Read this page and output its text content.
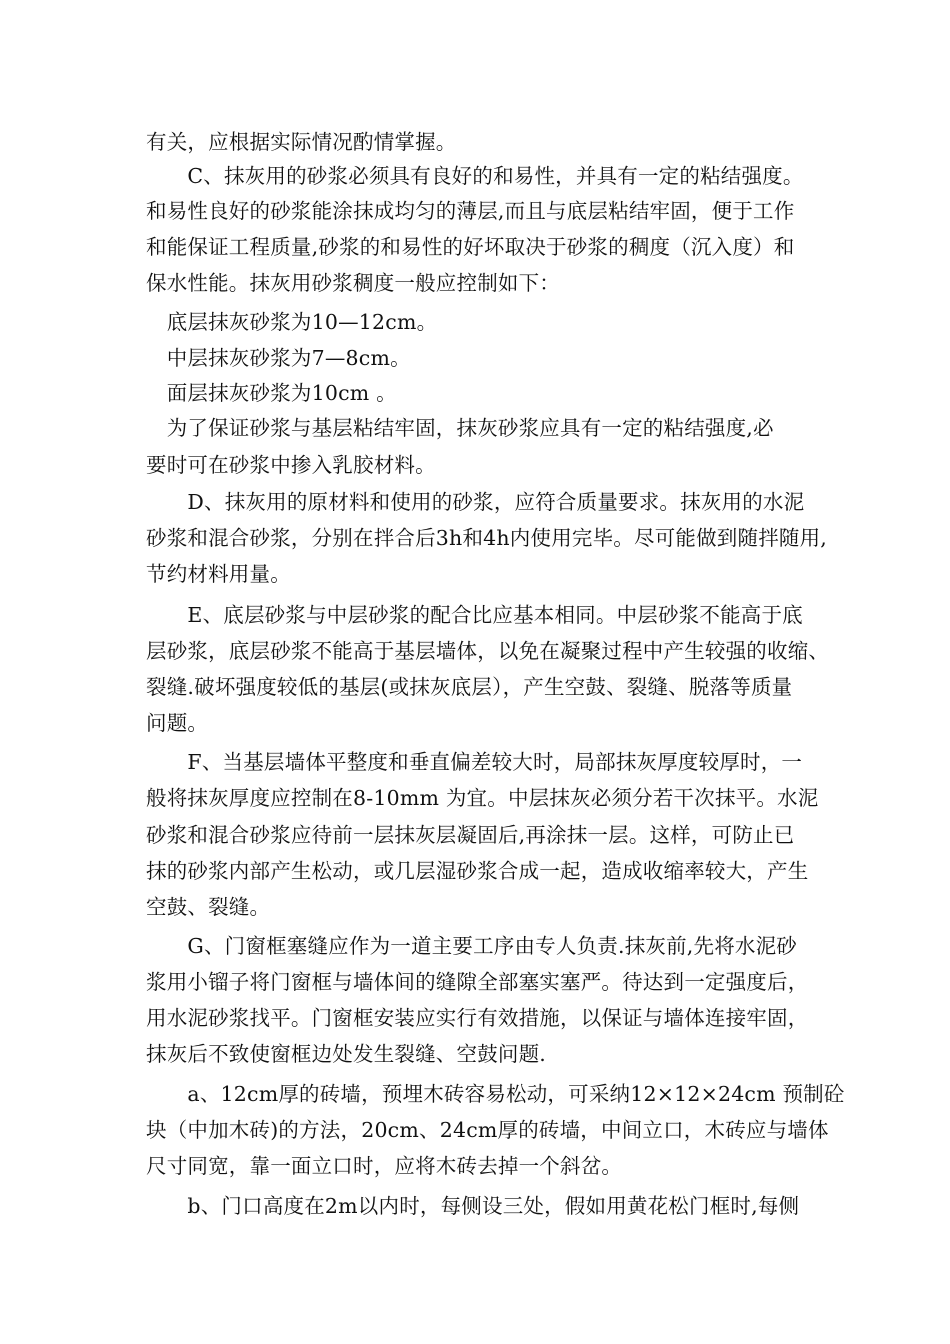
有关，应根据实际情况酌情掌握。
　　C、抹灰用的砂浆必须具有良好的和易性，并具有一定的粘结强度。
和易性良好的砂浆能涂抹成均匀的薄层,而且与底层粘结牢固，便于工作
和能保证工程质量,砂浆的和易性的好坏取决于砂浆的稠度（沉入度）和
保水性能。抹灰用砂浆稠度一般应控制如下：
　底层抹灰砂浆为10—12cm。
　中层抹灰砂浆为7—8cm。
　面层抹灰砂浆为10cm 。
　为了保证砂浆与基层粘结牢固，抹灰砂浆应具有一定的粘结强度,必
要时可在砂浆中掺入乳胶材料。
　　D、抹灰用的原材料和使用的砂浆，应符合质量要求。抹灰用的水泥
砂浆和混合砂浆，分别在拌合后3h和4h内使用完毕。尽可能做到随拌随用,
节约材料用量。
　　E、底层砂浆与中层砂浆的配合比应基本相同。中层砂浆不能高于底
层砂浆，底层砂浆不能高于基层墙体，以免在凝聚过程中产生较强的收缩、
裂缝.破坏强度较低的基层(或抹灰底层），产生空鼓、裂缝、脱落等质量
问题。
　　F、当基层墙体平整度和垂直偏差较大时，局部抹灰厚度较厚时，一
般将抹灰厚度应控制在8-10mm 为宜。中层抹灰必须分若干次抹平。水泥
砂浆和混合砂浆应待前一层抹灰层凝固后,再涂抹一层。这样，可防止已
抹的砂浆内部产生松动，或几层湿砂浆合成一起，造成收缩率较大，产生
空鼓、裂缝。
　　G、门窗框塞缝应作为一道主要工序由专人负责.抹灰前,先将水泥砂
浆用小镏子将门窗框与墙体间的缝隙全部塞实塞严。待达到一定强度后，
用水泥砂浆找平。门窗框安装应实行有效措施，以保证与墙体连接牢固，
抹灰后不致使窗框边处发生裂缝、空鼓问题.
　　a、12cm厚的砖墙，预埋木砖容易松动，可采纳12×12×24cm 预制砼
块（中加木砖)的方法，20cm、24cm厚的砖墙，中间立口，木砖应与墙体
尺寸同宽，靠一面立口时，应将木砖去掉一个斜岔。
　　b、门口高度在2m以内时，每侧设三处，假如用黄花松门框时,每侧
